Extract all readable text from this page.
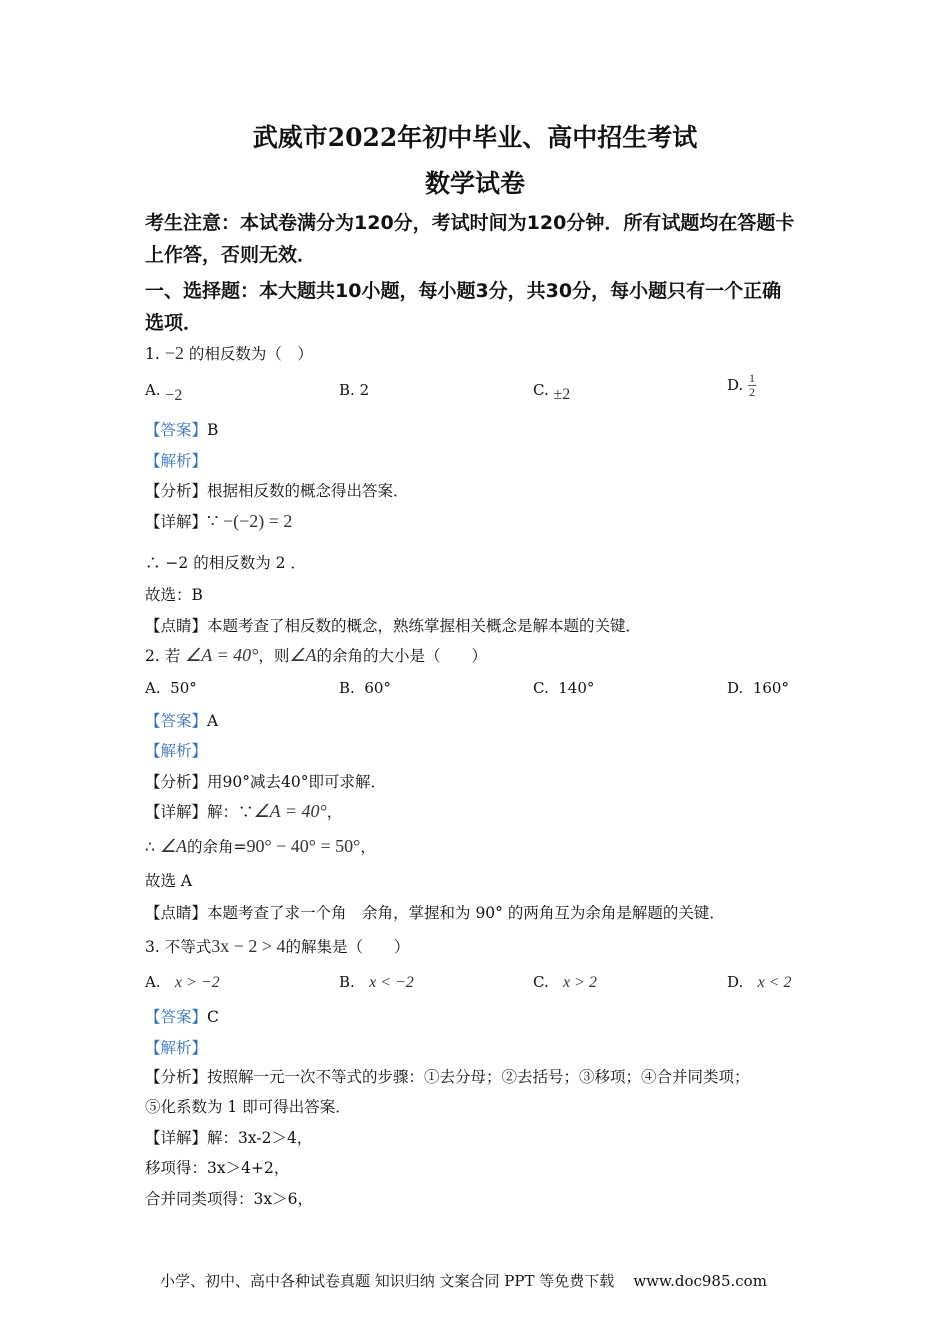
武威市2022年初中毕业、高中招生考试
数学试卷
考生注意：本试卷满分为120分，考试时间为120分钟．所有试题均在答题卡
上作答，否则无效．
一、选择题：本大题共10小题，每小题3分，共30分，每小题只有一个正确
选项．
1. −2 的相反数为（　）
A. −2	B. 2	C. ±2
D. $\frac{1}{2}$
【答案】B
【解析】
【分析】根据相反数的概念得出答案．
【详解】∵ −(−2) = 2
∴ −2 的相反数为 2 ．
故选：B
【点睛】本题考查了相反数的概念，熟练掌握相关概念是解本题的关键．
2. 若 ∠A = 40°，则∠A的余角的大小是（　　）
A. 50°	B. 60°	C. 140°	D. 160°
【答案】A
【解析】
【分析】用90°减去40°即可求解．
【详解】解：∵∠A = 40°，
∴ ∠A的余角=90° − 40° = 50°，
故选 A
【点睛】本题考查了求一个角　余角，掌握和为 90° 的两角互为余角是解题的关键．
3. 不等式3x − 2 > 4的解集是（　　）
A. x > −2	B. x < −2	C. x > 2	D. x < 2
【答案】C
【解析】
【分析】按照解一元一次不等式的步骤：①去分母；②去括号；③移项；④合并同类项；
⑤化系数为 1 即可得出答案．
【详解】解：3x-2＞4，
移项得：3x＞4+2，
合并同类项得：3x＞6，
小学、初中、高中各种试卷真题 知识归纳 文案合同 PPT 等免费下载 www.doc985.com
